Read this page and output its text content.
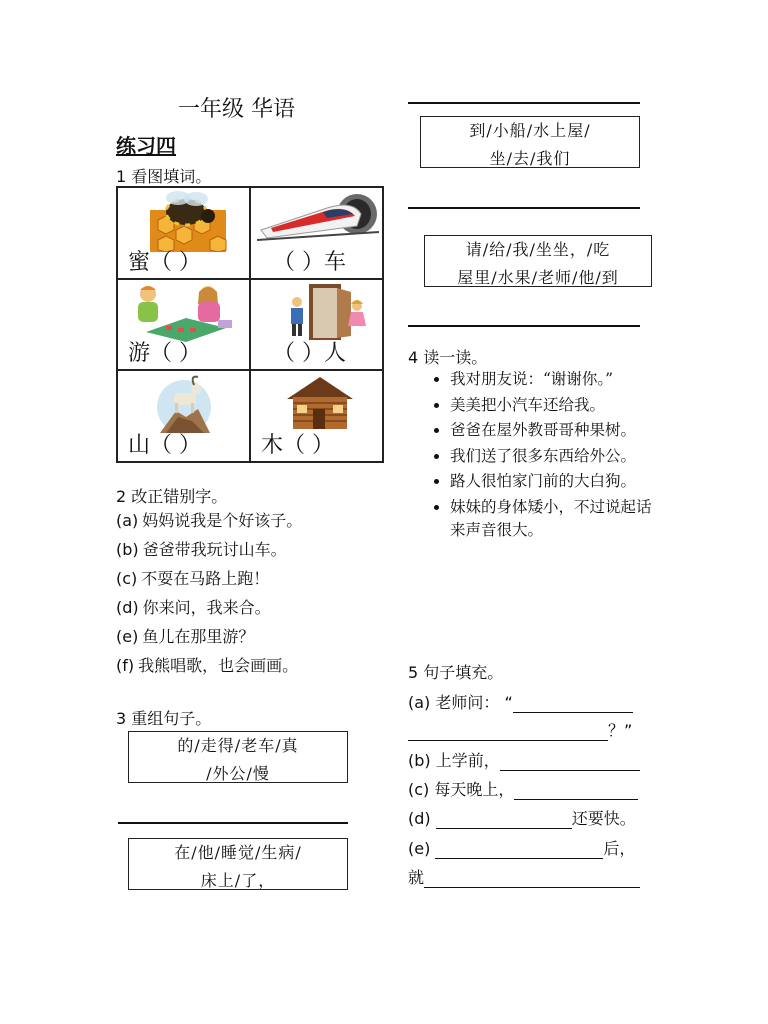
一年级 华语
练习四
1 看图填词。
蜜（ ）	（ ）车
游（ ）	（ ）人
山（ ）	木（ ）
2 改正错别字。
(a) 妈妈说我是个好该子。
(b) 爸爸带我玩讨山车。
(c) 不耍在马路上跑！
(d) 你来问，我来合。
(e) 鱼儿在那里游？
(f) 我熊唱歌，也会画画。
3 重组句子。
的/走得/老车/真
/外公/慢
在/他/睡觉/生病/
床上/了，
到/小船/水上屋/
坐/去/我们
请/给/我/坐坐，/吃
屋里/水果/老师/他/到
4 读一读。
• 我对朋友说：“谢谢你。”
• 美美把小汽车还给我。
• 爸爸在屋外教哥哥种果树。
• 我们送了很多东西给外公。
• 路人很怕家门前的大白狗。
• 妹妹的身体矮小，不过说起话来声音很大。
5 句子填充。
(a) 老师问： “
？”
(b) 上学前，
(c) 每天晚上，
(d)	还要快。
(e)	后，
就
